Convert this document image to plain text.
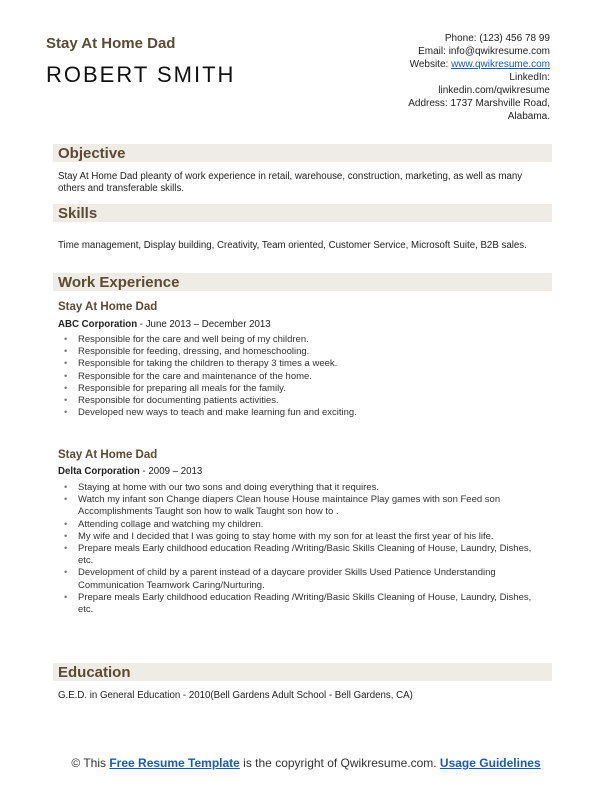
Stay At Home Dad
ROBERT SMITH
Phone: (123) 456 78 99
Email: info@qwikresume.com
Website: www.qwikresume.com
LinkedIn:
linkedin.com/qwikresume
Address: 1737 Marshville Road,
Alabama.
Objective
Stay At Home Dad pleanty of work experience in retail, warehouse, construction, marketing, as well as many others and transferable skills.
Skills
Time management, Display building, Creativity, Team oriented, Customer Service, Microsoft Suite, B2B sales.
Work Experience
Stay At Home Dad
ABC Corporation - June 2013 – December 2013
• Responsible for the care and well being of my children.
• Responsible for feeding, dressing, and homeschooling.
• Responsible for taking the children to therapy 3 times a week.
• Responsible for the care and maintenance of the home.
• Responsible for preparing all meals for the family.
• Responsible for documenting patients activities.
• Developed new ways to teach and make learning fun and exciting.
Stay At Home Dad
Delta Corporation - 2009 – 2013
• Staying at home with our two sons and doing everything that it requires.
• Watch my infant son Change diapers Clean house House maintaince Play games with son Feed son Accomplishments Taught son how to walk Taught son how to .
• Attending collage and watching my children.
• My wife and I decided that I was going to stay home with my son for at least the first year of his life.
• Prepare meals Early childhood education Reading /Writing/Basic Skills Cleaning of House, Laundry, Dishes, etc.
• Development of child by a parent instead of a daycare provider Skills Used Patience Understanding Communication Teamwork Caring/Nurturing.
• Prepare meals Early childhood education Reading /Writing/Basic Skills Cleaning of House, Laundry, Dishes, etc.
Education
G.E.D. in General Education - 2010(Bell Gardens Adult School - Bell Gardens, CA)
© This Free Resume Template is the copyright of Qwikresume.com. Usage Guidelines
